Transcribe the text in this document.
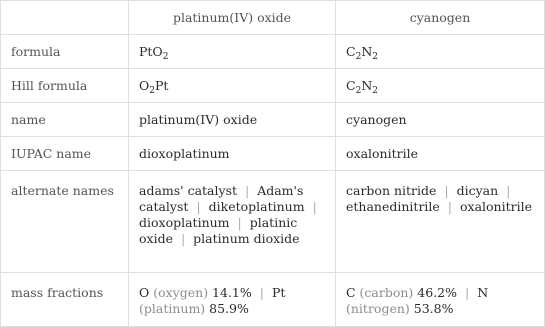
	platinum(IV) oxide	cyanogen
formula	PtO$_2$	$C_2N_2$
Hill formula	$O_2Pt$	$C_2N_2$
name	platinum(IV) oxide	cyanogen
IUPAC name	dioxoplatinum	oxalonitrile
alternate names	adams' catalyst | Adam's catalyst | diketoplatinum | dioxoplatinum | platinic oxide | platinum dioxide	carbon nitride | dicyan | ethanedinitrile | oxalonitrile
mass fractions	O (oxygen) 14.1% | Pt (platinum) 85.9%	C (carbon) 46.2% | N (nitrogen) 53.8%
